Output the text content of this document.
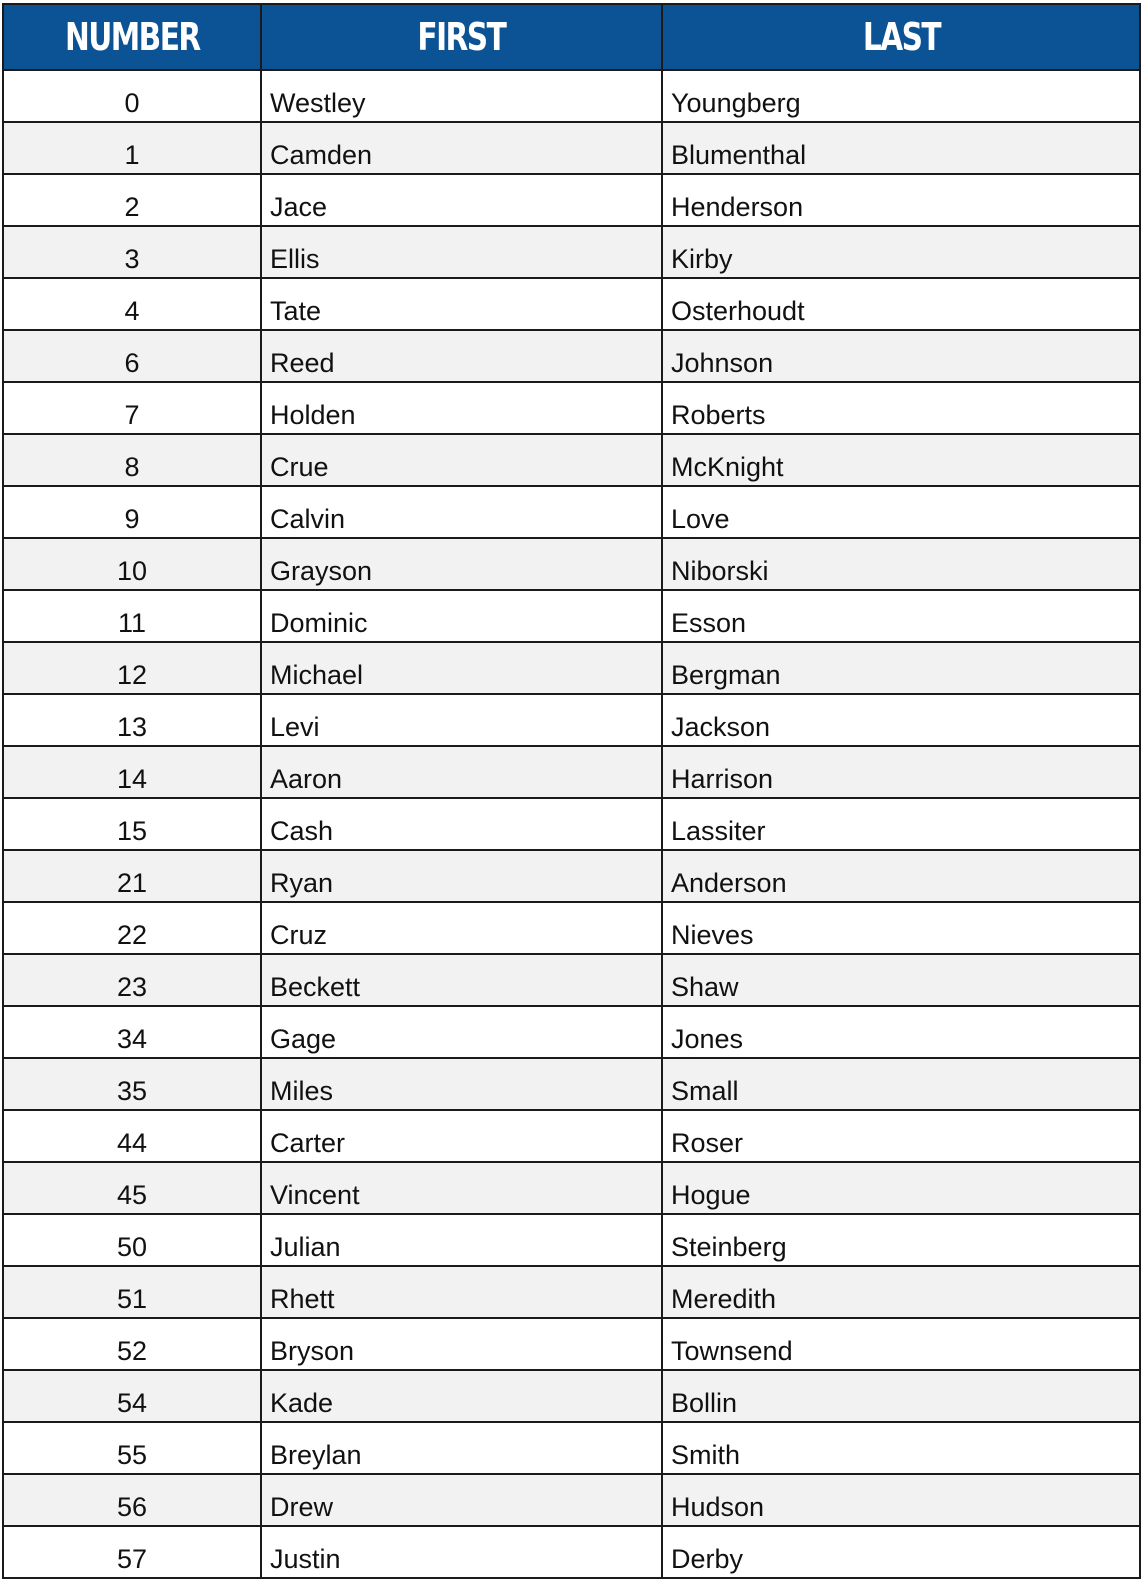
NUMBER	FIRST	LAST
0	Westley	Youngberg
1	Camden	Blumenthal
2	Jace	Henderson
3	Ellis	Kirby
4	Tate	Osterhoudt
6	Reed	Johnson
7	Holden	Roberts
8	Crue	McKnight
9	Calvin	Love
10	Grayson	Niborski
11	Dominic	Esson
12	Michael	Bergman
13	Levi	Jackson
14	Aaron	Harrison
15	Cash	Lassiter
21	Ryan	Anderson
22	Cruz	Nieves
23	Beckett	Shaw
34	Gage	Jones
35	Miles	Small
44	Carter	Roser
45	Vincent	Hogue
50	Julian	Steinberg
51	Rhett	Meredith
52	Bryson	Townsend
54	Kade	Bollin
55	Breylan	Smith
56	Drew	Hudson
57	Justin	Derby
